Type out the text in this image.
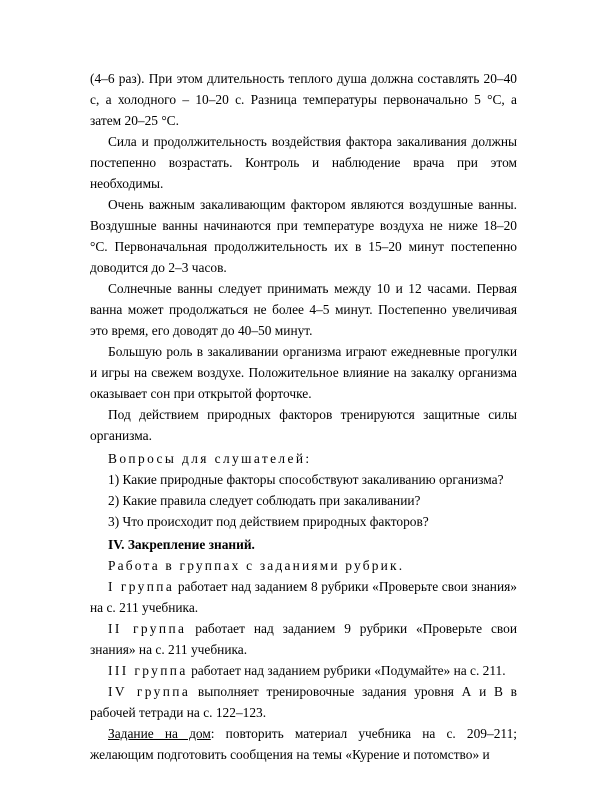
(4–6 раз). При этом длительность теплого душа должна составлять 20–40 с, а холодного – 10–20 с. Разница температуры первоначально 5 °С, а затем 20–25 °С.

Сила и продолжительность воздействия фактора закаливания должны постепенно возрастать. Контроль и наблюдение врача при этом необходимы.

Очень важным закаливающим фактором являются воздушные ванны. Воздушные ванны начинаются при температуре воздуха не ниже 18–20 °С. Первоначальная продолжительность их в 15–20 минут постепенно доводится до 2–3 часов.

Солнечные ванны следует принимать между 10 и 12 часами. Первая ванна может продолжаться не более 4–5 минут. Постепенно увеличивая это время, его доводят до 40–50 минут.

Большую роль в закаливании организма играют ежедневные прогулки и игры на свежем воздухе. Положительное влияние на закалку организма оказывает сон при открытой форточке.

Под действием природных факторов тренируются защитные силы организма.

Вопросы для слушателей:

1) Какие природные факторы способствуют закаливанию организма?

2) Какие правила следует соблюдать при закаливании?

3) Что происходит под действием природных факторов?

IV. Закрепление знаний.

Работа в группах с заданиями рубрик.

I группа работает над заданием 8 рубрики «Проверьте свои знания» на с. 211 учебника.

II группа работает над заданием 9 рубрики «Проверьте свои знания» на с. 211 учебника.

III группа работает над заданием рубрики «Подумайте» на с. 211.

IV группа выполняет тренировочные задания уровня А и В в рабочей тетради на с. 122–123.

Задание на дом: повторить материал учебника на с. 209–211; желающим подготовить сообщения на темы «Курение и потомство» и
